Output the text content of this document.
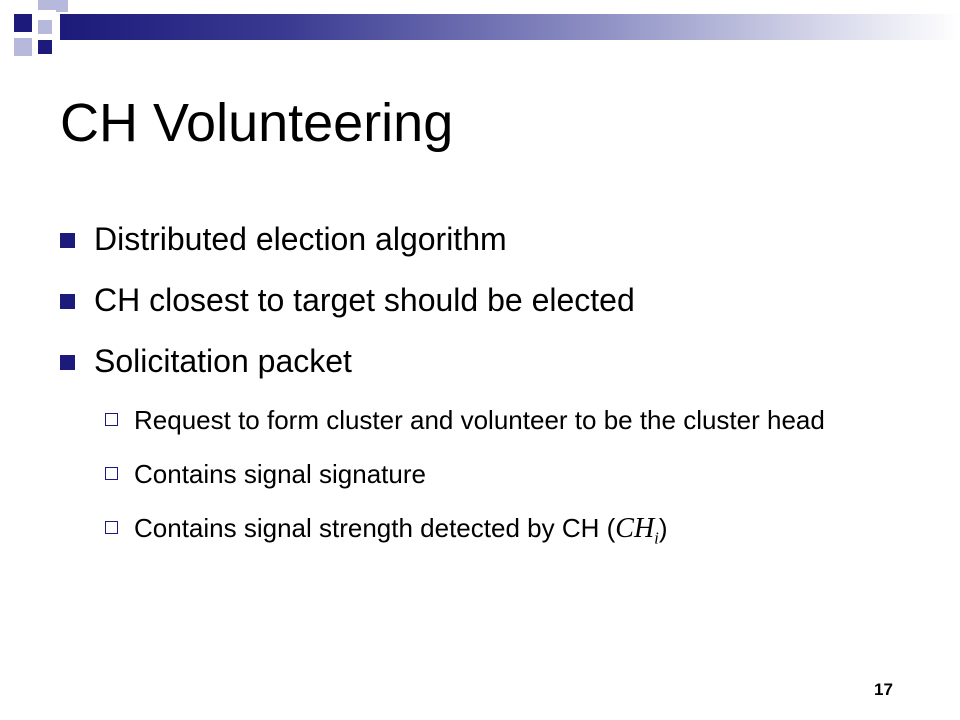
CH Volunteering
Distributed election algorithm
CH closest to target should be elected
Solicitation packet
Request to form cluster and volunteer to be the cluster head
Contains signal signature
Contains signal strength detected by CH $(CH_i)$
17
